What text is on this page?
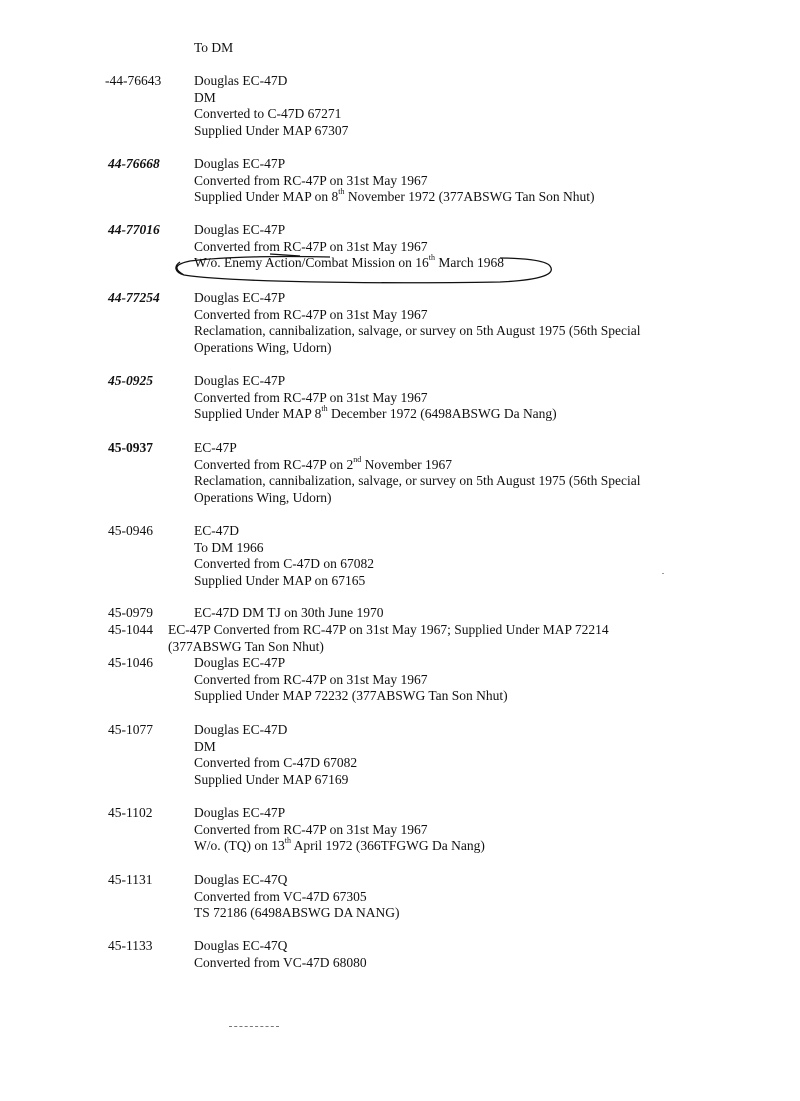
To DM
-44-76643 Douglas EC-47D
DM
Converted to C-47D 67271
Supplied Under MAP 67307
44-76668	Douglas EC-47P
Converted from RC-47P on 31st May 1967
Supplied Under MAP on 8th November 1972 (377ABSWG Tan Son Nhut)
44-77016	Douglas EC-47P
Converted from RC-47P on 31st May 1967
W/o. Enemy Action/Combat Mission on 16th March 1968
44-77254	Douglas EC-47P
Converted from RC-47P on 31st May 1967
Reclamation, cannibalization, salvage, or survey on 5th August 1975 (56th Special
Operations Wing, Udorn)
45-0925	Douglas EC-47P
Converted from RC-47P on 31st May 1967
Supplied Under MAP 8th December 1972 (6498ABSWG Da Nang)
45-0937	EC-47P
Converted from RC-47P on 2nd November 1967
Reclamation, cannibalization, salvage, or survey on 5th August 1975 (56th Special
Operations Wing, Udorn)
45-0946	EC-47D
To DM 1966
Converted from C-47D on 67082
Supplied Under MAP on 67165
45-0979	EC-47D DM TJ on 30th June 1970
45-1044 EC-47P Converted from RC-47P on 31st May 1967; Supplied Under MAP 72214
(377ABSWG Tan Son Nhut)
45-1046	Douglas EC-47P
Converted from RC-47P on 31st May 1967
Supplied Under MAP 72232 (377ABSWG Tan Son Nhut)
45-1077	Douglas EC-47D
DM
Converted from C-47D 67082
Supplied Under MAP 67169
45-1102	Douglas EC-47P
Converted from RC-47P on 31st May 1967
W/o. (TQ) on 13th April 1972 (366TFGWG Da Nang)
45-1131	Douglas EC-47Q
Converted from VC-47D 67305
TS 72186 (6498ABSWG DA NANG)
45-1133	Douglas EC-47Q
Converted from VC-47D 68080
